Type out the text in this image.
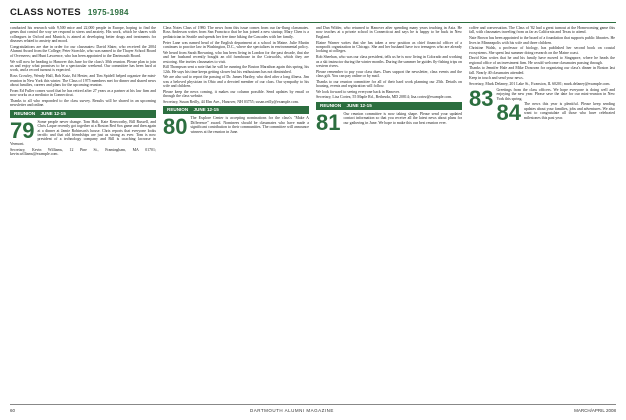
CLASS NOTES 1975-1984

conducted his research with 9,500 mice and 22,000 people in Europe, hoping to find the genes that control the way we respond to stress and anxiety. His work, which he shares with colleagues in Oxford and Munich, is aimed at developing better drugs and treatments for diseases related to anxiety and mood.

Congratulations are due in order for our classmates: David Slater, who received the 2004 Alumni Award from the College; Peter Stoeckle, who was named to the Thayer School Board of Overseers; and Hunt Lawrence, who has been appointed to the Dartmouth Board.

We will now be heading to Hanover this June for the class's 30th reunion. Please plan to join us and enjoy what promises to be a spectacular weekend. Our committee has been hard at work, and a record turnout is expected.

Ross Crowley, Wendy Hall, Bob Kutz, Ed Hester, and Tim Spidell helped organize the mini-reunion in New York this winter. The Class of 1975 members met for dinner and shared news about families, careers and plans for the upcoming reunion.

From Ed Fuller comes word that he has retired after 27 years as a partner at his law firm and now works as a mediator in Connecticut.

Thanks to all who responded to the class survey. Results will be shared in an upcoming newsletter and online.

REUNION JUNE 12-15

79 Some people never change. Tom Holt, Kate Kenworthy, Bill Russell, and Chris Laque recently got together at a Boston Red Sox game and then again at a dinner at Jamie Robinson's house. Chris reports that everyone looks terrific and that old friendships are just as strong as ever. Tom is now president of a technology company and Bill is coaching lacrosse in Vermont.

Secretary, Kevin Williams, 12 Pine St., Framingham, MA 01701; kevin.williams@example.com.

Class Notes Class of 1980. The news from this issue comes from our far-flung classmates. Ross Anderson writes from San Francisco that he has joined a new startup; Mary Chen is a pediatrician in Seattle and spends her free time hiking the Cascades with her family.

Peter Lane was named head of the English department at a school in Maine. Julie Martin continues to practice law in Washington, D.C., where she specializes in environmental policy.

We heard from Sarah Browning, who has been living in London for the past decade, that she and her husband recently bought an old farmhouse in the Cotswolds, which they are restoring. She invites classmates to visit.

Bill Thompson sent a note that he will be running the Boston Marathon again this spring, his 12th. He says his time keeps getting slower but his enthusiasm has not diminished.

We are also sad to report the passing of Dr. James Hartley, who died after a long illness. Jim was a beloved physician in Ohio and a devoted member of our class. Our sympathy to his wife and children.

Please keep the news coming, it makes our column possible. Send updates by email or through the class website.

Secretary, Susan Reilly, 44 Elm Ave., Hanover, NH 03755; susan.reilly@example.com.

REUNION JUNE 12-15

80 The Explore Center is accepting nominations for the class's "Make A Difference" award. Nominees should be classmates who have made a significant contribution to their communities. The committee will announce winners at the reunion in June.

and Dan Wilder, who returned to Hanover after spending many years teaching in Asia. He now teaches at a private school in Connecticut and says he is happy to be back in New England.

Elaine Warner writes that she has taken a new position as chief financial officer of a nonprofit organization in Chicago. She and her husband have two teenagers who are already looking at colleges.

Rob Sheehan, who was our class president, tells us he is now living in Colorado and working as a ski instructor during the winter months. During the summer he guides fly-fishing trips on western rivers.

Please remember to pay your class dues. Dues support the newsletter, class events and the class gift. You can pay online or by mail.

Thanks to our reunion committee for all of their hard work planning our 25th. Details on housing, events and registration will follow.

We look forward to seeing everyone back in Hanover.

Secretary, Lisa Cortez, 55 Maple Rd., Bethesda, MD 20814; lisa.cortez@example.com.

REUNION JUNE 12-15

81 Our reunion committee is now taking shape. Please send your updated contact information so that you receive all the latest news about plans for our gathering in June. We hope to make this our best reunion ever.

coffee and conversation. The Class of '82 had a great turnout at the Homecoming game this fall, with classmates traveling from as far as California and Texas to attend.

Nate Brown has been appointed to the board of a foundation that supports public libraries. He lives in Minneapolis with his wife and three children.

Christine Walsh, a professor of biology, has published her second book on coastal ecosystems. She spent last summer doing research on the Maine coast.

David Kim writes that he and his family have moved to Singapore, where he heads the regional office of an investment firm. He would welcome classmates passing through.

Thanks to Jennifer Hale and Mike Donovan for organizing our class's dinner in Boston last fall. Nearly 40 classmates attended.

Keep in touch and send your news.

Secretary, Mark Delaney, 201 Lake St., Evanston, IL 60201; mark.delaney@example.com.

83 Greetings from the class officers. We hope everyone is doing well and enjoying the new year. Please save the date for our mini-reunion in New York this spring.

84 The news this year is plentiful. Please keep sending updates about your families, jobs and adventures. We also want to congratulate all those who have celebrated milestones this past year.

60	DARTMOUTH ALUMNI MAGAZINE	MARCH/APRIL 2008
